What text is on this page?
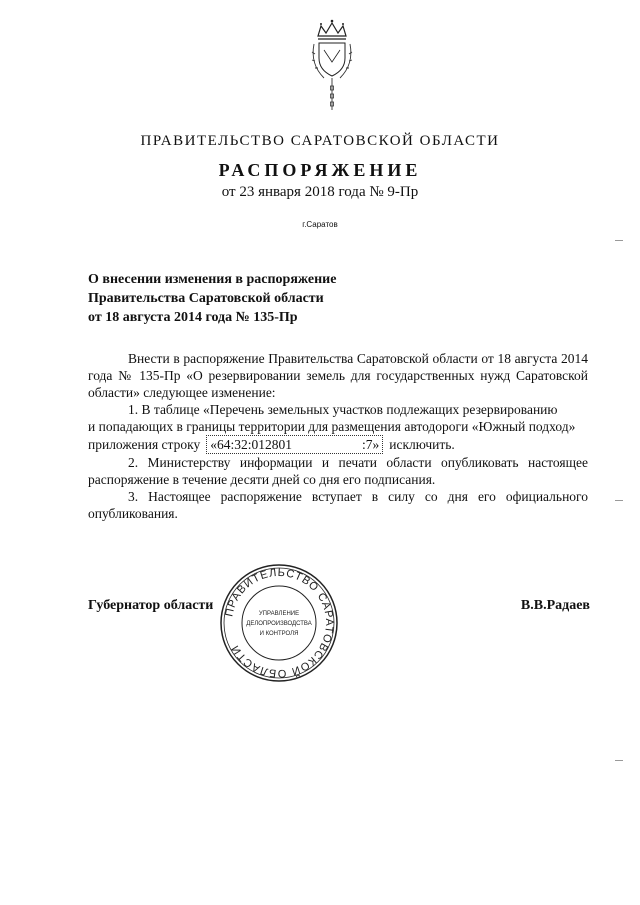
ПРАВИТЕЛЬСТВО САРАТОВСКОЙ ОБЛАСТИ
РАСПОРЯЖЕНИЕ
от 23 января 2018 года № 9-Пр
г.Саратов
О внесении изменения в распоряжение
Правительства Саратовской области
от 18 августа 2014 года № 135-Пр

Внести в распоряжение Правительства Саратовской области от 18 августа 2014 года № 135-Пр «О резервировании земель для государственных нужд Саратовской области» следующее изменение:

1. В таблице «Перечень земельных участков подлежащих резервированию

и попадающих в границы территории для размещения автодороги «Южный подход»

приложения строку «64:32:012801	:7» исключить.

2. Министерству информации и печати области опубликовать настоящее распоряжение в течение десяти дней со дня его подписания.

3. Настоящее распоряжение вступает в силу со дня его официального опубликования.

Губернатор области	В.В.Радаев
ПРАВИТЕЛЬСТВО САРАТОВСКОЙ ОБЛАСТИ
УПРАВЛЕНИЕ
ДЕЛОПРОИЗВОДСТВА
И КОНТРОЛЯ
